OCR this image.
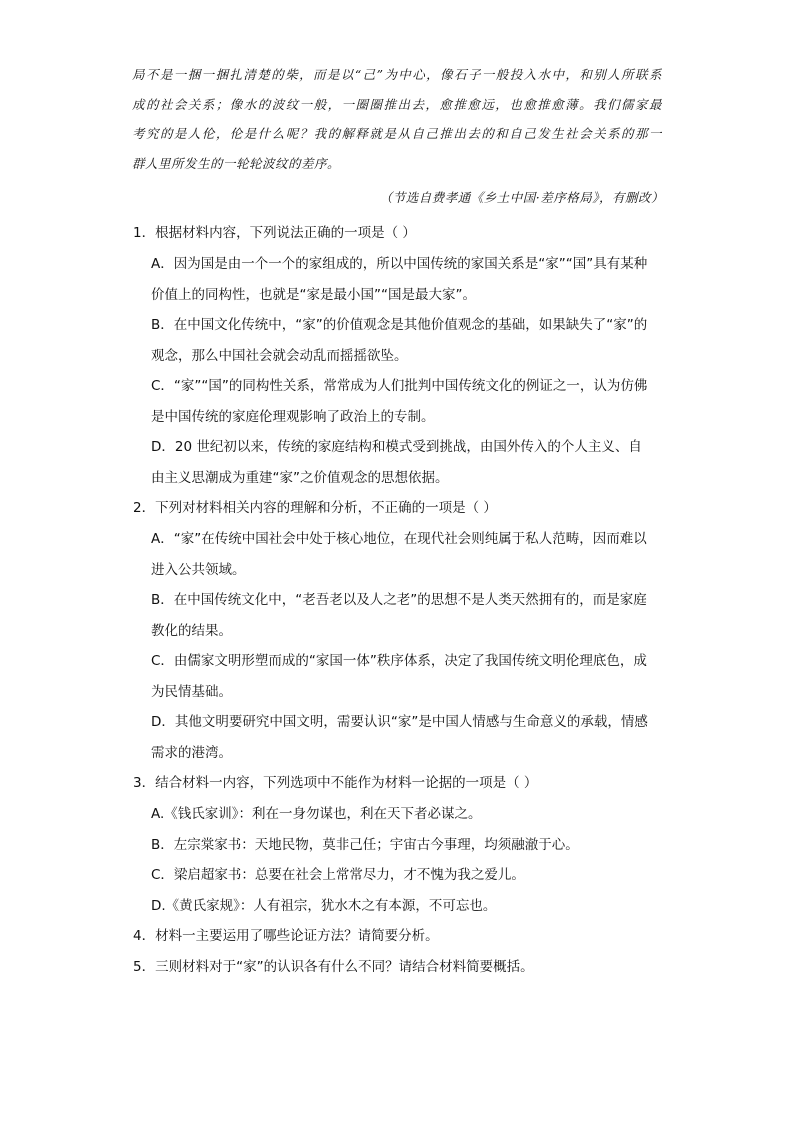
局不是一捆一捆扎清楚的柴，而是以“己”为中心，像石子一般投入水中，和别人所联系
成的社会关系；像水的波纹一般，一圈圈推出去，愈推愈远，也愈推愈薄。我们儒家最
考究的是人伦，伦是什么呢？我的解释就是从自己推出去的和自己发生社会关系的那一
群人里所发生的一轮轮波纹的差序。
（节选自费孝通《乡土中国·差序格局》，有删改）
1．根据材料内容，下列说法正确的一项是（ ）
A．因为国是由一个一个的家组成的，所以中国传统的家国关系是“家”“国”具有某种
价值上的同构性，也就是“家是最小国”“国是最大家”。
B．在中国文化传统中，“家”的价值观念是其他价值观念的基础，如果缺失了“家”的
观念，那么中国社会就会动乱而摇摇欲坠。
C．“家”“国”的同构性关系，常常成为人们批判中国传统文化的例证之一，认为仿佛
是中国传统的家庭伦理观影响了政治上的专制。
D．20 世纪初以来，传统的家庭结构和模式受到挑战，由国外传入的个人主义、自
由主义思潮成为重建“家”之价值观念的思想依据。
2．下列对材料相关内容的理解和分析，不正确的一项是（ ）
A．“家”在传统中国社会中处于核心地位，在现代社会则纯属于私人范畴，因而难以
进入公共领域。
B．在中国传统文化中，“老吾老以及人之老”的思想不是人类天然拥有的，而是家庭
教化的结果。
C．由儒家文明形塑而成的“家国一体”秩序体系，决定了我国传统文明伦理底色，成
为民情基础。
D．其他文明要研究中国文明，需要认识“家”是中国人情感与生命意义的承载，情感
需求的港湾。
3．结合材料一内容，下列选项中不能作为材料一论据的一项是（ ）
A.《钱氏家训》：利在一身勿谋也，利在天下者必谋之。
B．左宗棠家书：天地民物，莫非己任；宇宙古今事理，均须融澈于心。
C．梁启超家书：总要在社会上常常尽力，才不愧为我之爱儿。
D.《黄氏家规》：人有祖宗，犹水木之有本源，不可忘也。
4．材料一主要运用了哪些论证方法？请简要分析。
5．三则材料对于“家”的认识各有什么不同？请结合材料简要概括。
